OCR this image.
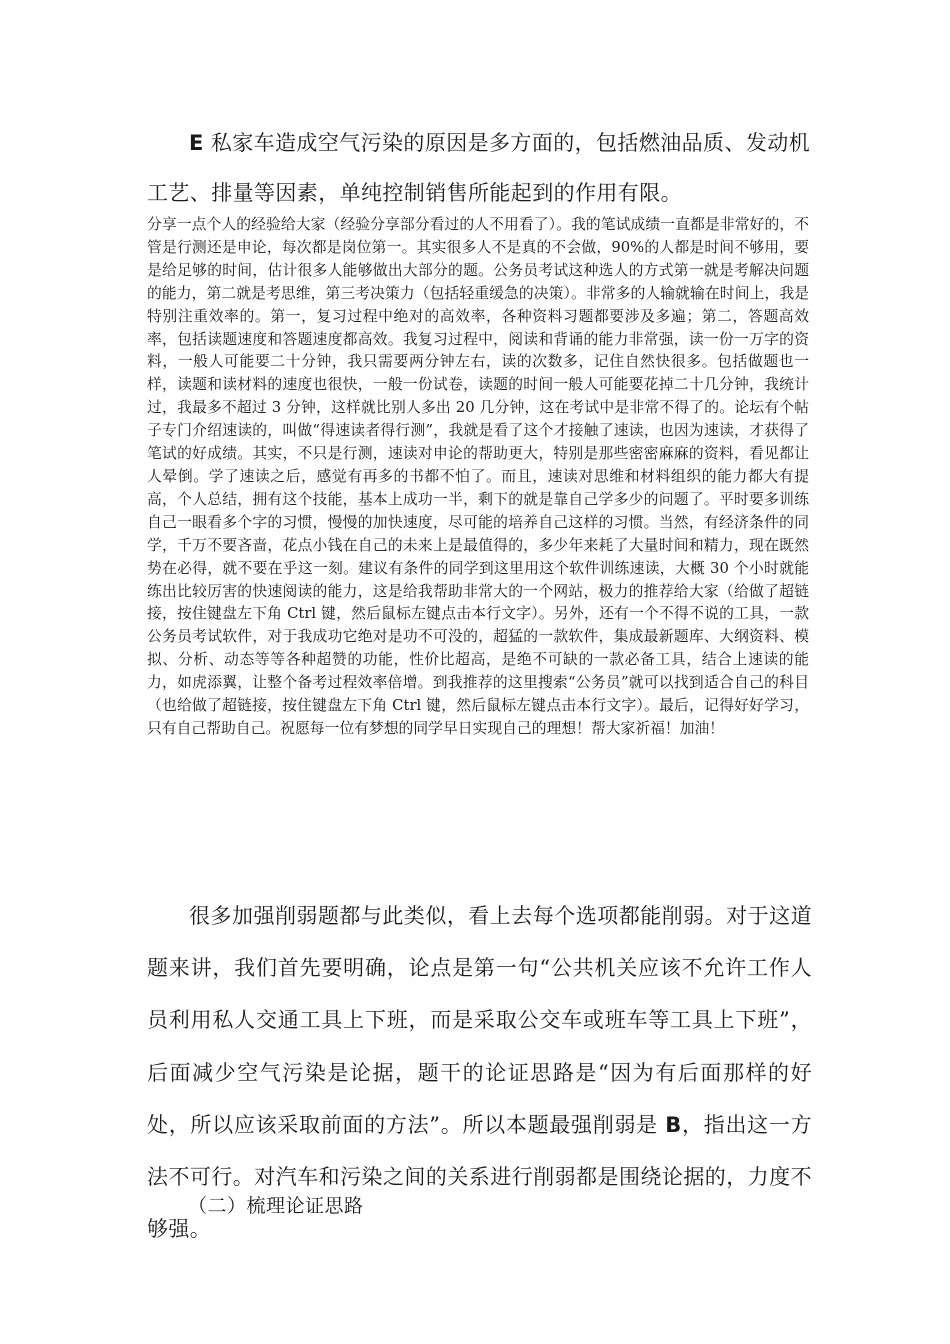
E 私家车造成空气污染的原因是多方面的，包括燃油品质、发动机工艺、排量等因素，单纯控制销售所能起到的作用有限。

分享一点个人的经验给大家（经验分享部分看过的人不用看了）。我的笔试成绩一直都是非常好的，不管是行测还是申论，每次都是岗位第一。其实很多人不是真的不会做，90%的人都是时间不够用，要是给足够的时间，估计很多人能够做出大部分的题。公务员考试这种选人的方式第一就是考解决问题的能力，第二就是考思维，第三考决策力（包括轻重缓急的决策）。非常多的人输就输在时间上，我是特别注重效率的。第一，复习过程中绝对的高效率，各种资料习题都要涉及多遍；第二，答题高效率，包括读题速度和答题速度都高效。我复习过程中，阅读和背诵的能力非常强，读一份一万字的资料，一般人可能要二十分钟，我只需要两分钟左右，读的次数多，记住自然快很多。包括做题也一样，读题和读材料的速度也很快，一般一份试卷，读题的时间一般人可能要花掉二十几分钟，我统计过，我最多不超过 3 分钟，这样就比别人多出 20 几分钟，这在考试中是非常不得了的。论坛有个帖子专门介绍速读的，叫做“得速读者得行测”，我就是看了这个才接触了速读，也因为速读，才获得了笔试的好成绩。其实，不只是行测，速读对申论的帮助更大，特别是那些密密麻麻的资料，看见都让人晕倒。学了速读之后，感觉有再多的书都不怕了。而且，速读对思维和材料组织的能力都大有提高，个人总结，拥有这个技能，基本上成功一半，剩下的就是靠自己学多少的问题了。平时要多训练自己一眼看多个字的习惯，慢慢的加快速度，尽可能的培养自己这样的习惯。当然，有经济条件的同学，千万不要吝啬，花点小钱在自己的未来上是最值得的，多少年来耗了大量时间和精力，现在既然势在必得，就不要在乎这一刻。建议有条件的同学到这里用这个软件训练速读，大概 30 个小时就能练出比较厉害的快速阅读的能力，这是给我帮助非常大的一个网站，极力的推荐给大家（给做了超链接，按住键盘左下角 Ctrl 键，然后鼠标左键点击本行文字）。另外，还有一个不得不说的工具，一款公务员考试软件，对于我成功它绝对是功不可没的，超猛的一款软件，集成最新题库、大纲资料、模拟、分析、动态等等各种超赞的功能，性价比超高，是绝不可缺的一款必备工具，结合上速读的能力，如虎添翼，让整个备考过程效率倍增。到我推荐的这里搜索“公务员”就可以找到适合自己的科目（也给做了超链接，按住键盘左下角 Ctrl 键，然后鼠标左键点击本行文字）。最后，记得好好学习，只有自己帮助自己。祝愿每一位有梦想的同学早日实现自己的理想！帮大家祈福！加油！

很多加强削弱题都与此类似，看上去每个选项都能削弱。对于这道题来讲，我们首先要明确，论点是第一句“公共机关应该不允许工作人员利用私人交通工具上下班，而是采取公交车或班车等工具上下班”，后面减少空气污染是论据，题干的论证思路是“因为有后面那样的好处，所以应该采取前面的方法”。所以本题最强削弱是 B，指出这一方法不可行。对汽车和污染之间的关系进行削弱都是围绕论据的，力度不够强。

（二）梳理论证思路
